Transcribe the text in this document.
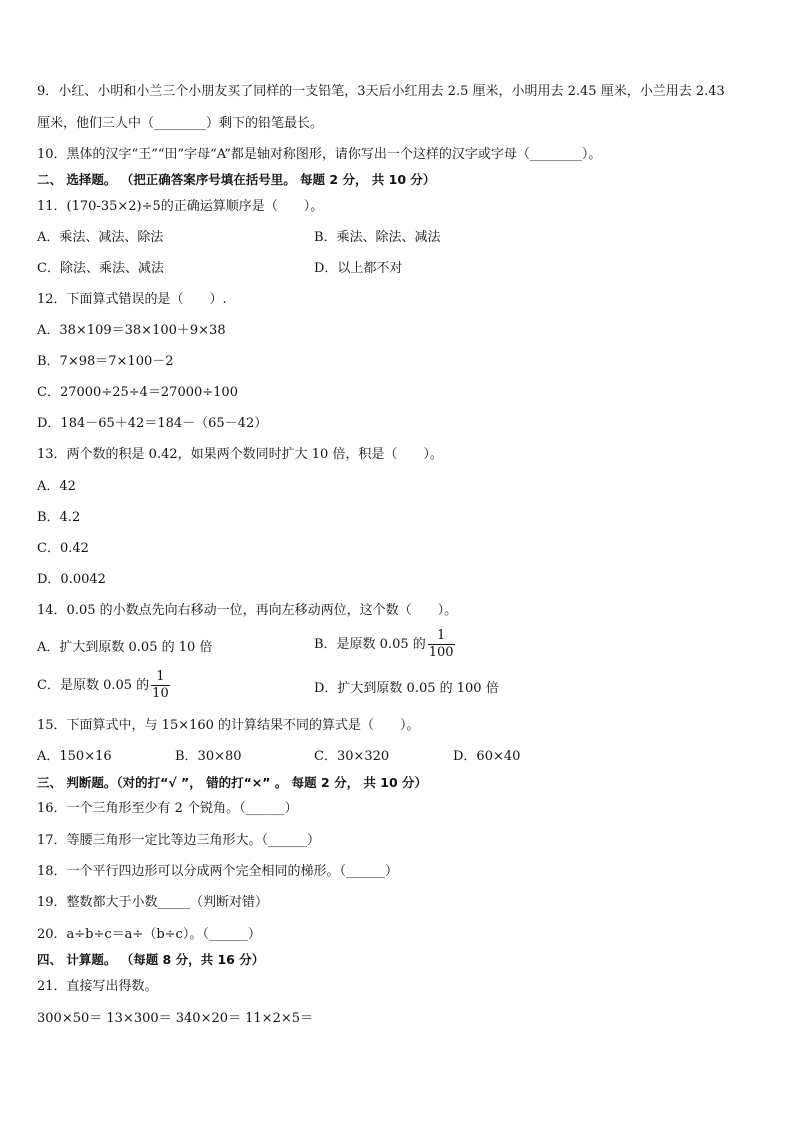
9．小红、小明和小兰三个小朋友买了同样的一支铅笔，3天后小红用去 2.5 厘米，小明用去 2.45 厘米，小兰用去 2.43
厘米，他们三人中（________）剩下的铅笔最长。
10．黑体的汉字“王”“田”字母“A”都是轴对称图形，请你写出一个这样的汉字或字母（________）。
二、 选择题。 （把正确答案序号填在括号里。 每题 2 分， 共 10 分）
11．(170-35×2)÷5的正确运算顺序是（　　）。
A．乘法、减法、除法	B．乘法、除法、减法
C．除法、乘法、减法	D．以上都不对
12．下面算式错误的是（　　）.
A．38×109＝38×100＋9×38
B．7×98＝7×100－2
C．27000÷25÷4＝27000÷100
D．184－65＋42＝184－（65－42）
13．两个数的积是 0.42，如果两个数同时扩大 10 倍，积是（　　）。
A．42
B．4.2
C．0.42
D．0.0042
14．0.05 的小数点先向右移动一位，再向左移动两位，这个数（　　）。
A．扩大到原数 0.05 的 10 倍	B．是原数 0.05 的 $\frac{1}{100}$
C．是原数 0.05 的 $\frac{1}{10}$	D．扩大到原数 0.05 的 100 倍
15．下面算式中，与 15×160 的计算结果不同的算式是（　　）。
A．150×16	B．30×80	C．30×320	D．60×40
三、 判断题。（对的打“√ ”， 错的打“×” 。 每题 2 分， 共 10 分）
16．一个三角形至少有 2 个锐角。（______）
17．等腰三角形一定比等边三角形大。（______）
18．一个平行四边形可以分成两个完全相同的梯形。（______）
19．整数都大于小数_____（判断对错）
20．a÷b÷c＝a÷（b÷c）。（______）
四、 计算题。 （每题 8 分，共 16 分）
21．直接写出得数。
300×50＝ 13×300＝ 340×20＝ 11×2×5＝
